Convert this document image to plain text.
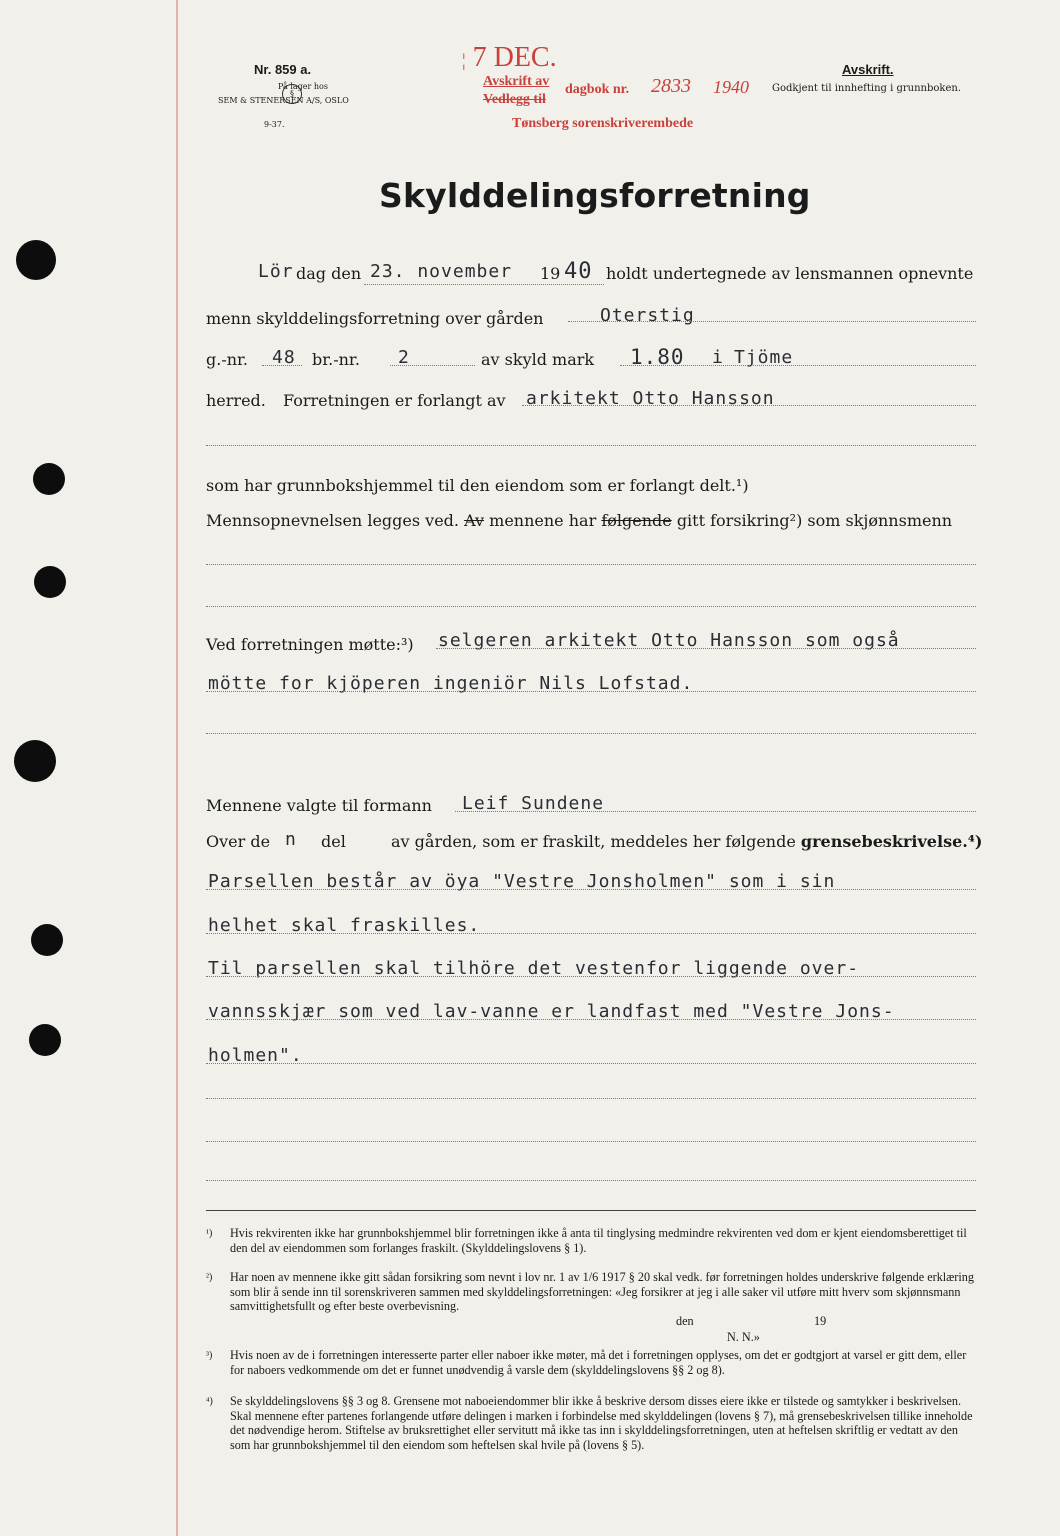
Nr. 859 a.
På lager hos
§
SEM & STENERSEN A/S, OSLO
9-37.
Avskrift.
Godkjent til innhefting i grunnboken.
¦ 7 DEC.
Avskrift av
Vedlegg til
dagbok nr. 2833 1940
Tønsberg sorenskriverembede
Skylddelingsforretning
Lör dag den 23. november 19 40 holdt undertegnede av lensmannen opnevnte
menn skylddelingsforretning over gården	Oterstig
g.-nr. 48 br.-nr. 2	av skyld mark 1.80 i Tjöme
herred. Forretningen er forlangt av arkitekt Otto Hansson
som har grunnbokshjemmel til den eiendom som er forlangt delt.¹)
Mennsopnevnelsen legges ved. Av mennene har følgende gitt forsikring²) som skjønnsmenn
Ved forretningen møtte:³) selgeren arkitekt Otto Hansson som også
mötte for kjöperen ingeniör Nils Lofstad.
Mennene valgte til formann Leif Sundene
Over de n del	av gården, som er fraskilt, meddeles her følgende grensebeskrivelse.⁴)
Parsellen består av öya "Vestre Jonsholmen" som i sin
helhet skal fraskilles.
Til parsellen skal tilhöre det vestenfor liggende over-
vannsskjær som ved lav-vanne er landfast med "Vestre Jons-
holmen".
¹)	Hvis rekvirenten ikke har grunnbokshjemmel blir forretningen ikke å anta til tinglysing medmindre rekvirenten ved dom er kjent eiendomsberettiget til den del av eiendommen som forlanges fraskilt. (Skylddelingslovens § 1).
²)	Har noen av mennene ikke gitt sådan forsikring som nevnt i lov nr. 1 av 1/6 1917 § 20 skal vedk. før forretningen holdes underskrive følgende erklæring som blir å sende inn til sorenskriveren sammen med skylddelingsforretningen: «Jeg forsikrer at jeg i alle saker vil utføre mitt hverv som skjønnsmann samvittighetsfullt og efter beste overbevisning.
den	19
N. N.»
³)	Hvis noen av de i forretningen interesserte parter eller naboer ikke møter, må det i forretningen opplyses, om det er godtgjort at varsel er gitt dem, eller for naboers vedkommende om det er funnet unødvendig å varsle dem (skylddelingslovens §§ 2 og 8).
⁴)	Se skylddelingslovens §§ 3 og 8. Grensene mot naboeiendommer blir ikke å beskrive dersom disses eiere ikke er tilstede og samtykker i beskrivelsen. Skal mennene efter partenes forlangende utføre delingen i marken i forbindelse med skylddelingen (lovens § 7), må grensebeskrivelsen tillike inneholde det nødvendige herom. Stiftelse av bruksrettighet eller servitutt må ikke tas inn i skylddelingsforretningen, uten at heftelsen skriftlig er vedtatt av den som har grunnbokshjemmel til den eiendom som heftelsen skal hvile på (lovens § 5).
